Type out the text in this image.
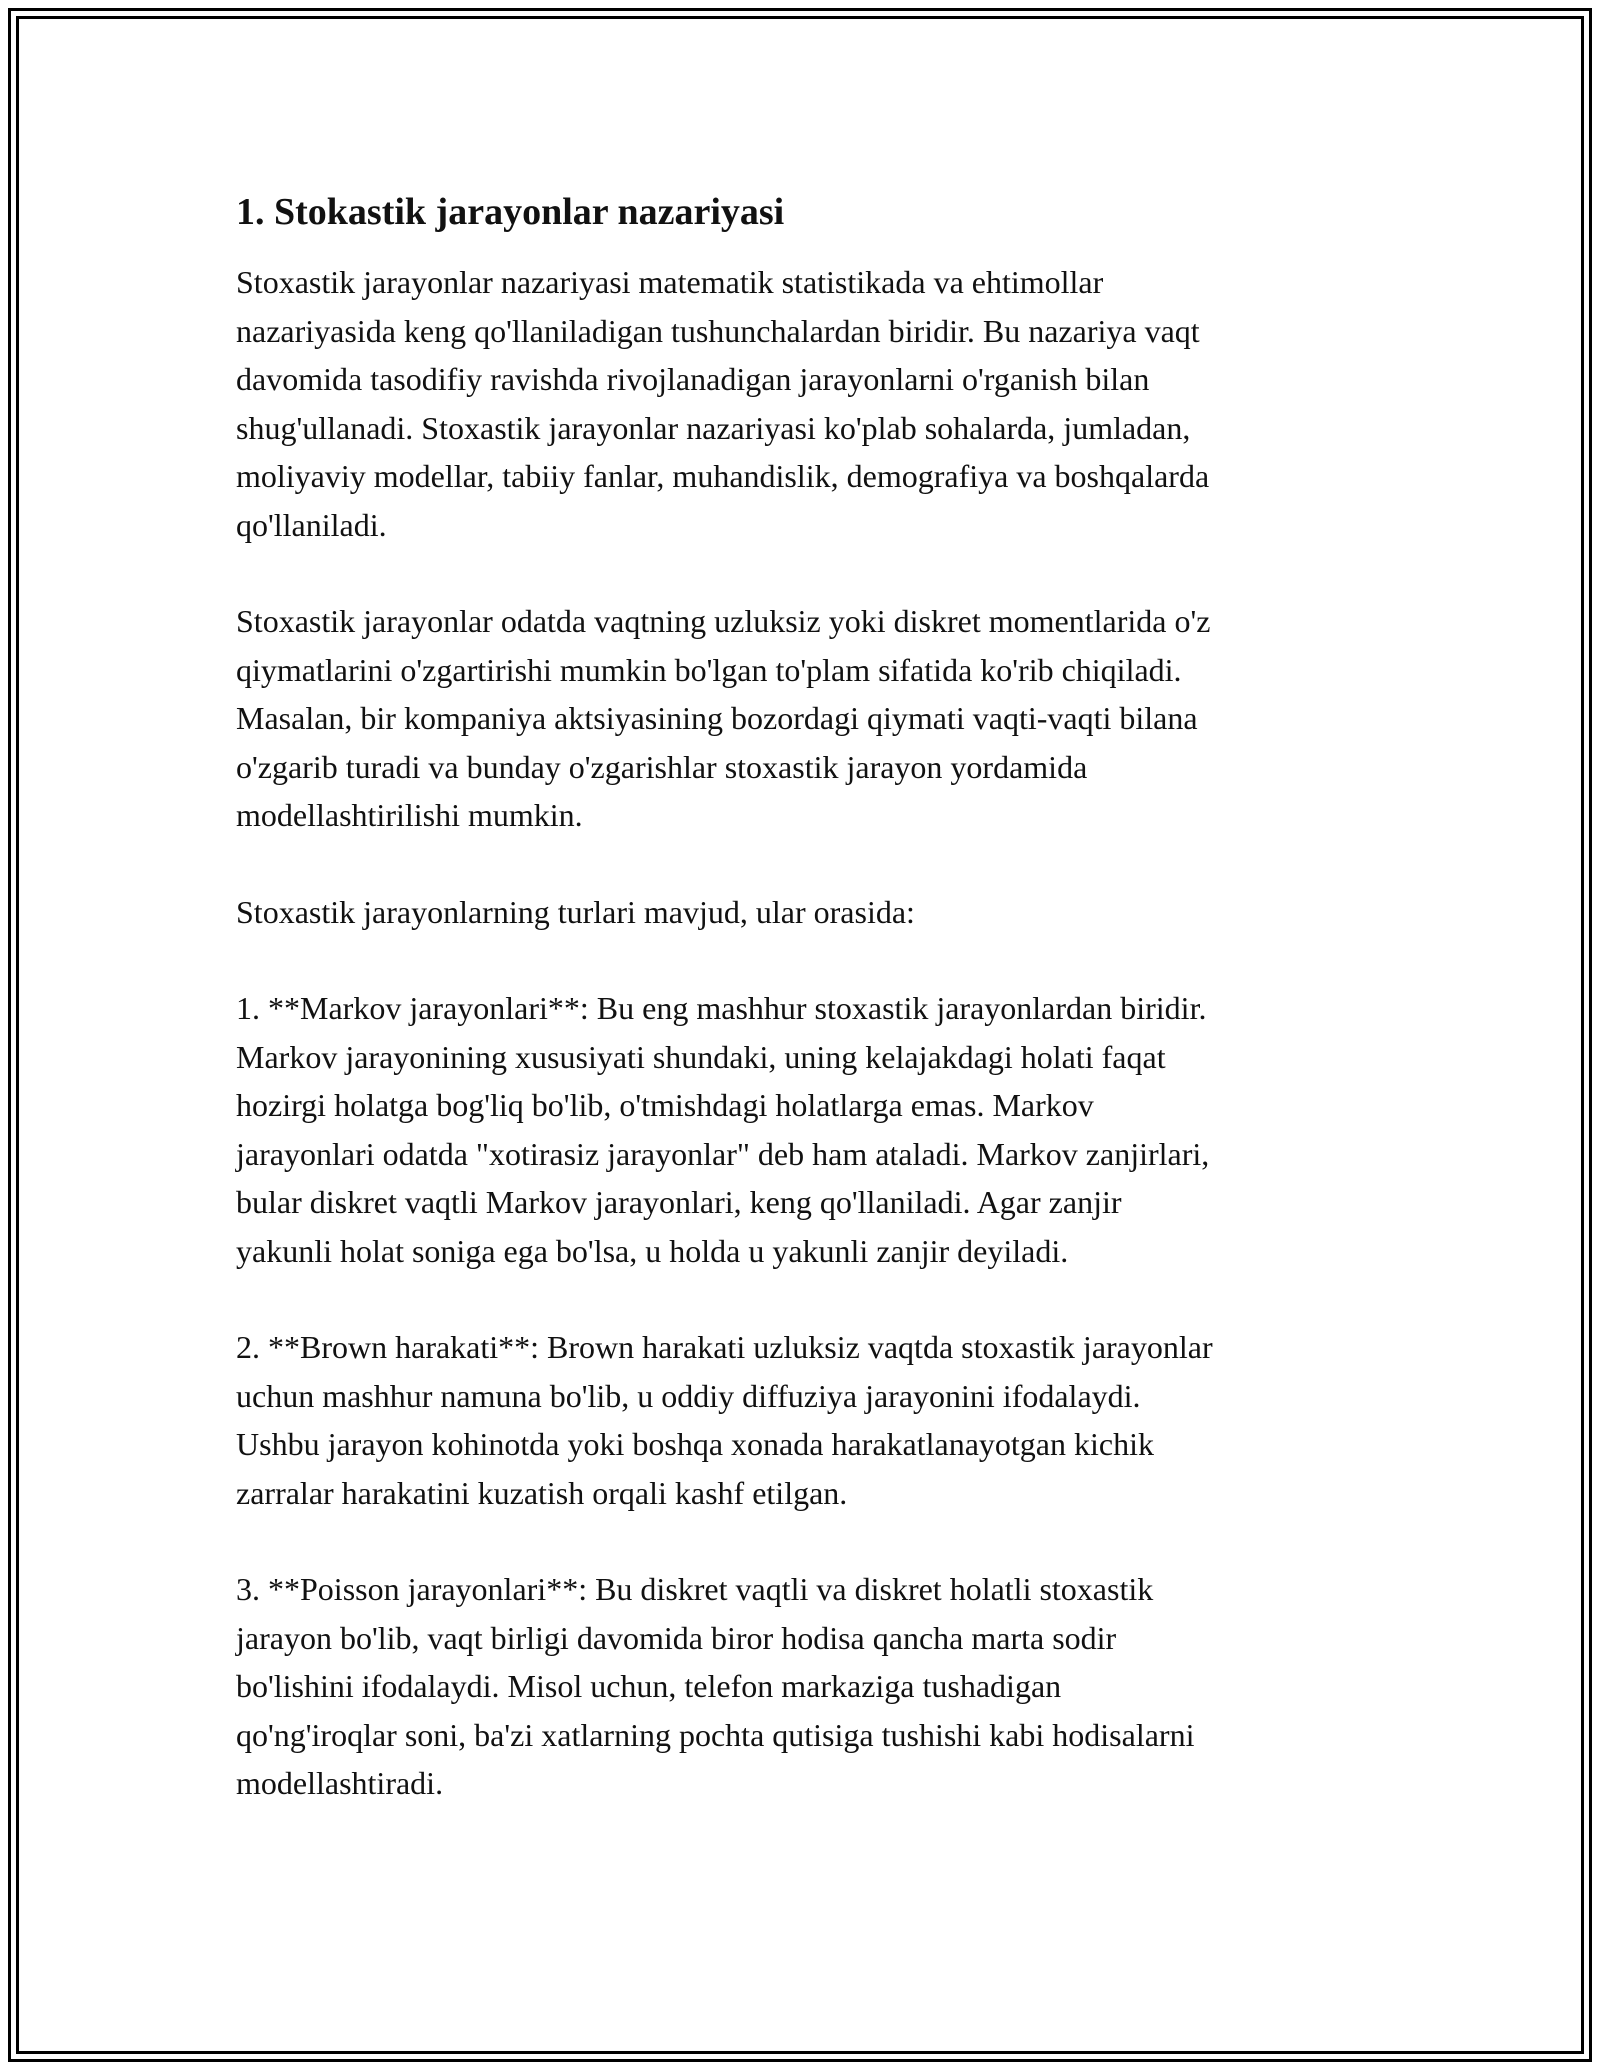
1. Stokastik jarayonlar nazariyasi

Stoxastik jarayonlar nazariyasi matematik statistikada va ehtimollar
nazariyasida keng qo'llaniladigan tushunchalardan biridir. Bu nazariya vaqt
davomida tasodifiy ravishda rivojlanadigan jarayonlarni o'rganish bilan
shug'ullanadi. Stoxastik jarayonlar nazariyasi ko'plab sohalarda, jumladan,
moliyaviy modellar, tabiiy fanlar, muhandislik, demografiya va boshqalarda
qo'llaniladi.

Stoxastik jarayonlar odatda vaqtning uzluksiz yoki diskret momentlarida o'z
qiymatlarini o'zgartirishi mumkin bo'lgan to'plam sifatida ko'rib chiqiladi.
Masalan, bir kompaniya aktsiyasining bozordagi qiymati vaqti-vaqti bilana
o'zgarib turadi va bunday o'zgarishlar stoxastik jarayon yordamida
modellashtirilishi mumkin.

Stoxastik jarayonlarning turlari mavjud, ular orasida:

1. **Markov jarayonlari**: Bu eng mashhur stoxastik jarayonlardan biridir.
Markov jarayonining xususiyati shundaki, uning kelajakdagi holati faqat
hozirgi holatga bog'liq bo'lib, o'tmishdagi holatlarga emas. Markov
jarayonlari odatda "xotirasiz jarayonlar" deb ham ataladi. Markov zanjirlari,
bular diskret vaqtli Markov jarayonlari, keng qo'llaniladi. Agar zanjir
yakunli holat soniga ega bo'lsa, u holda u yakunli zanjir deyiladi.

2. **Brown harakati**: Brown harakati uzluksiz vaqtda stoxastik jarayonlar
uchun mashhur namuna bo'lib, u oddiy diffuziya jarayonini ifodalaydi.
Ushbu jarayon kohinotda yoki boshqa xonada harakatlanayotgan kichik
zarralar harakatini kuzatish orqali kashf etilgan.

3. **Poisson jarayonlari**: Bu diskret vaqtli va diskret holatli stoxastik
jarayon bo'lib, vaqt birligi davomida biror hodisa qancha marta sodir
bo'lishini ifodalaydi. Misol uchun, telefon markaziga tushadigan
qo'ng'iroqlar soni, ba'zi xatlarning pochta qutisiga tushishi kabi hodisalarni
modellashtiradi.
